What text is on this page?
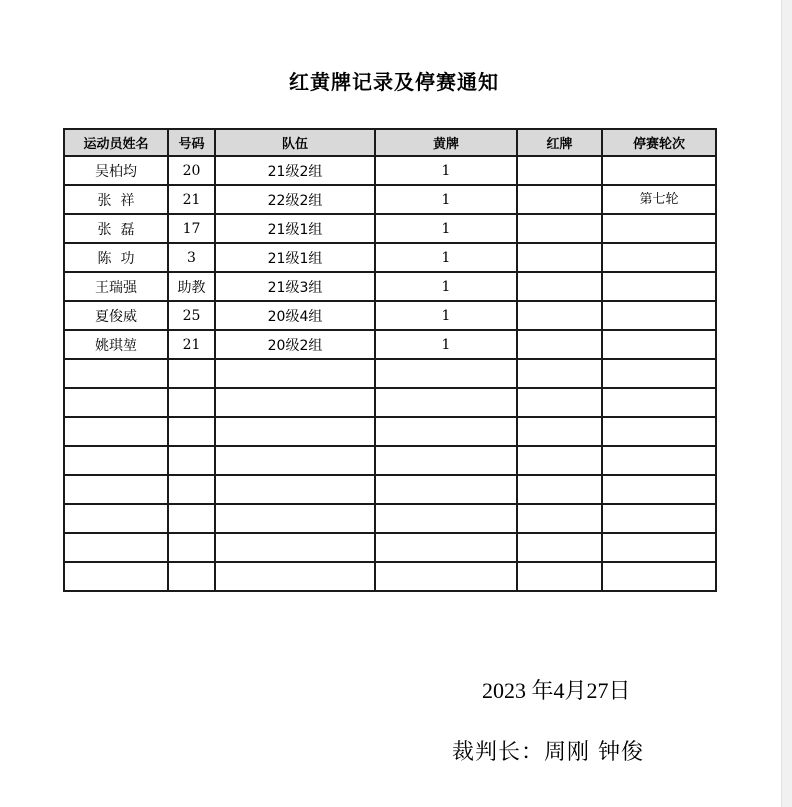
红黄牌记录及停赛通知
运动员姓名	号码	队伍	黄牌	红牌	停赛轮次
吴柏均	20	21级2组	1		

张  祥	21	22级2组	1		第七轮

张  磊	17	21级1组	1		

陈  功	3	21级1组	1		

王瑞强	助教	21级3组	1		

夏俊威	25	20级4组	1		

姚琪堃	21	20级2组	1		

2023 年4月27日
裁判长：周刚 钟俊
